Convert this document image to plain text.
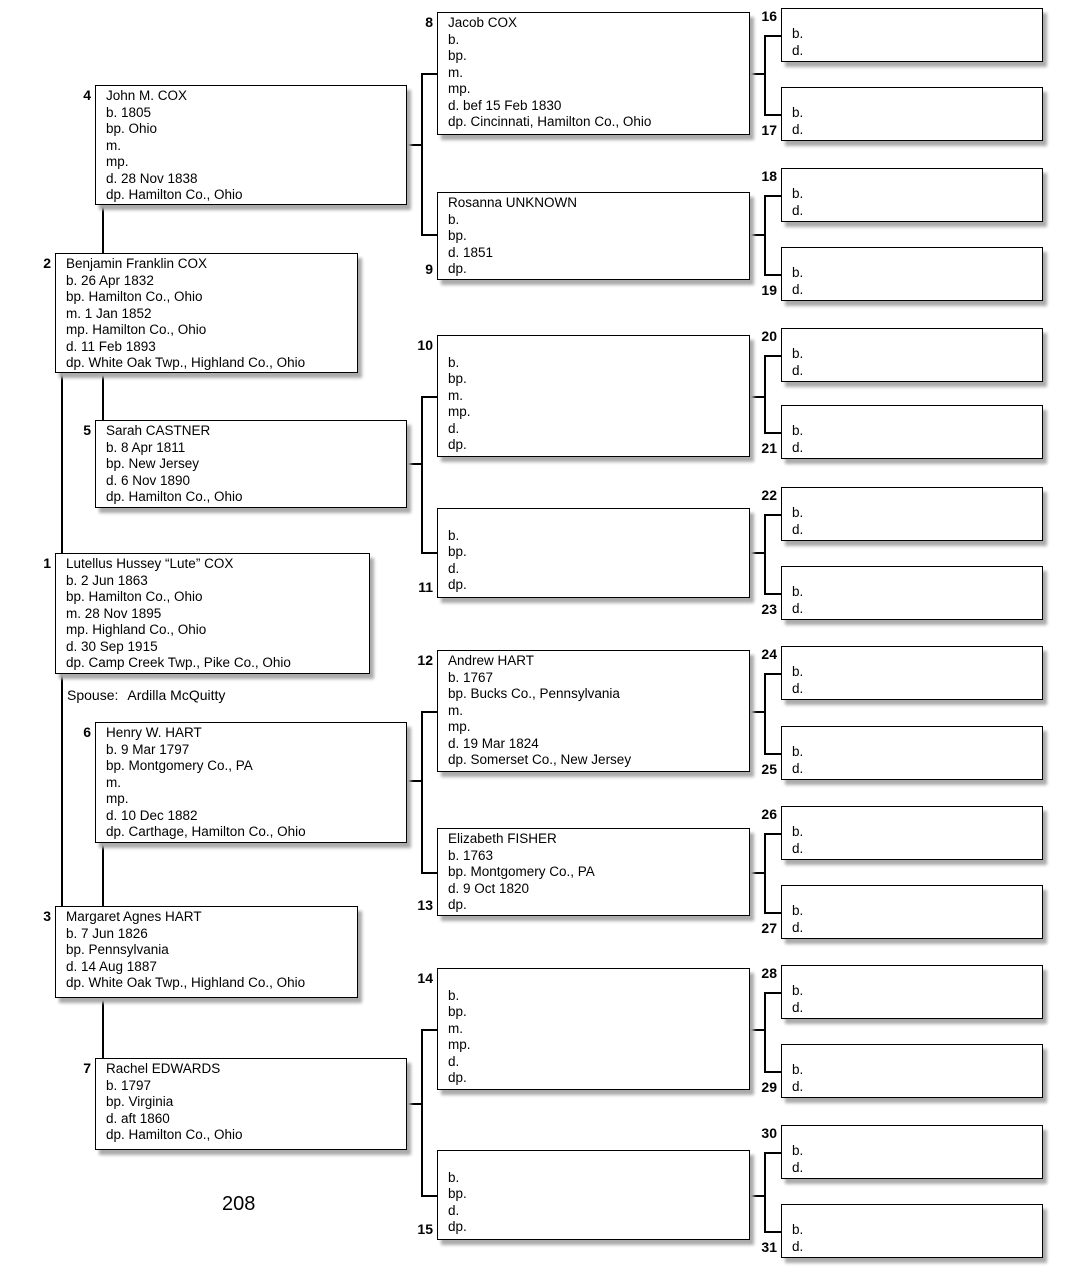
4 John M. COX
b. 1805
bp. Ohio
m.
mp.
d. 28 Nov 1838
dp. Hamilton Co., Ohio
2 Benjamin Franklin COX
b. 26 Apr 1832
bp. Hamilton Co., Ohio
m. 1 Jan 1852
mp. Hamilton Co., Ohio
d. 11 Feb 1893
dp. White Oak Twp., Highland Co., Ohio
5 Sarah CASTNER
b. 8 Apr 1811
bp. New Jersey
d. 6 Nov 1890
dp. Hamilton Co., Ohio
1 Lutellus Hussey “Lute” COX
b. 2 Jun 1863
bp. Hamilton Co., Ohio
m. 28 Nov 1895
mp. Highland Co., Ohio
d. 30 Sep 1915
dp. Camp Creek Twp., Pike Co., Ohio
6 Henry W. HART
b. 9 Mar 1797
bp. Montgomery Co., PA
m.
mp.
d. 10 Dec 1882
dp. Carthage, Hamilton Co., Ohio
3 Margaret Agnes HART
b. 7 Jun 1826
bp. Pennsylvania
d. 14 Aug 1887
dp. White Oak Twp., Highland Co., Ohio
7 Rachel EDWARDS
b. 1797
bp. Virginia
d. aft 1860
dp. Hamilton Co., Ohio
Spouse: Ardilla McQuitty
8 Jacob COX
b.
bp.
m.
mp.
d. bef 15 Feb 1830
dp. Cincinnati, Hamilton Co., Ohio
9
Rosanna UNKNOWN
b.
bp.
d. 1851
dp.
10
b.
bp.
m.
mp.
d.
dp.
11
b.
bp.
d.
dp.
12 Andrew HART
b. 1767
bp. Bucks Co., Pennsylvania
m.
mp.
d. 19 Mar 1824
dp. Somerset Co., New Jersey
13
Elizabeth FISHER
b. 1763
bp. Montgomery Co., PA
d. 9 Oct 1820
dp.
14
b.
bp.
m.
mp.
d.
dp.
15
b.
bp.
d.
dp.
16
b.
d.
17
b.
d.
18
b.
d.
19
b.
d.
20
b.
d.
21
b.
d.
22
b.
d.
23
b.
d.
24
b.
d.
25
b.
d.
26
b.
d.
27
b.
d.
28
b.
d.
29
b.
d.
30
b.
d.
31
b.
d.
208
